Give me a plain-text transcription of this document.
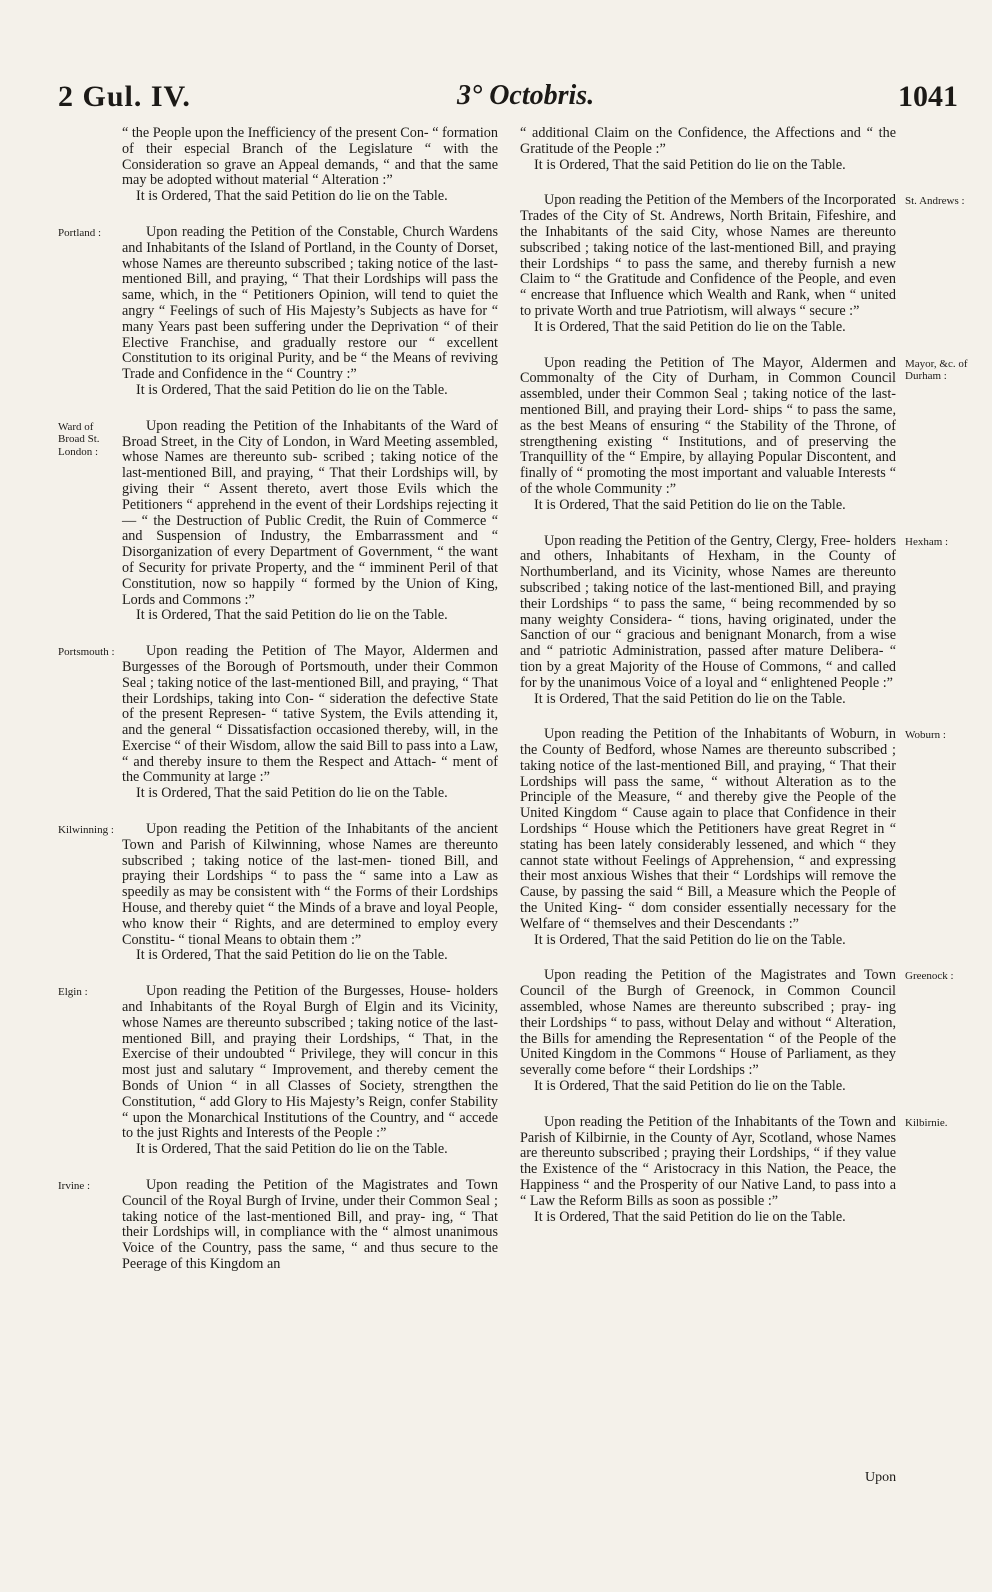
2 Gul. IV.	3° Octobris.	1041

“ the People upon the Inefficiency of the present Con- “ formation of their especial Branch of the Legislature “ with the Consideration so grave an Appeal demands, “ and that the same may be adopted without material “ Alteration :”

It is Ordered, That the said Petition do lie on the Table.

Portland :	Upon reading the Petition of the Constable, Church Wardens and Inhabitants of the Island of Portland, in the County of Dorset, whose Names are thereunto subscribed ; taking notice of the last-mentioned Bill, and praying, “ That their Lordships will pass the same, which, in the “ Petitioners Opinion, will tend to quiet the angry “ Feelings of such of His Majesty’s Subjects as have for “ many Years past been suffering under the Deprivation “ of their Elective Franchise, and gradually restore our “ excellent Constitution to its original Purity, and be “ the Means of reviving Trade and Confidence in the “ Country :”

It is Ordered, That the said Petition do lie on the Table.

Ward of Broad St. London :

Upon reading the Petition of the Inhabitants of the Ward of Broad Street, in the City of London, in Ward Meeting assembled, whose Names are thereunto sub- scribed ; taking notice of the last-mentioned Bill, and praying, “ That their Lordships will, by giving their “ Assent thereto, avert those Evils which the Petitioners “ apprehend in the event of their Lordships rejecting it— “ the Destruction of Public Credit, the Ruin of Commerce “ and Suspension of Industry, the Embarrassment and “ Disorganization of every Department of Government, “ the want of Security for private Property, and the “ imminent Peril of that Constitution, now so happily “ formed by the Union of King, Lords and Commons :”

It is Ordered, That the said Petition do lie on the Table.

Portsmouth :	Upon reading the Petition of The Mayor, Aldermen and Burgesses of the Borough of Portsmouth, under their Common Seal ; taking notice of the last-mentioned Bill, and praying, “ That their Lordships, taking into Con- “ sideration the defective State of the present Represen- “ tative System, the Evils attending it, and the general “ Dissatisfaction occasioned thereby, will, in the Exercise “ of their Wisdom, allow the said Bill to pass into a Law, “ and thereby insure to them the Respect and Attach- “ ment of the Community at large :”

It is Ordered, That the said Petition do lie on the Table.

Kilwinning :	Upon reading the Petition of the Inhabitants of the ancient Town and Parish of Kilwinning, whose Names are thereunto subscribed ; taking notice of the last-men- tioned Bill, and praying their Lordships “ to pass the “ same into a Law as speedily as may be consistent with “ the Forms of their Lordships House, and thereby quiet “ the Minds of a brave and loyal People, who know their “ Rights, and are determined to employ every Constitu- “ tional Means to obtain them :”

It is Ordered, That the said Petition do lie on the Table.

Elgin :	Upon reading the Petition of the Burgesses, House- holders and Inhabitants of the Royal Burgh of Elgin and its Vicinity, whose Names are thereunto subscribed ; taking notice of the last-mentioned Bill, and praying their Lordships, “ That, in the Exercise of their undoubted “ Privilege, they will concur in this most just and salutary “ Improvement, and thereby cement the Bonds of Union “ in all Classes of Society, strengthen the Constitution, “ add Glory to His Majesty’s Reign, confer Stability “ upon the Monarchical Institutions of the Country, and “ accede to the just Rights and Interests of the People :”

It is Ordered, That the said Petition do lie on the Table.

Irvine :	Upon reading the Petition of the Magistrates and Town Council of the Royal Burgh of Irvine, under their Common Seal ; taking notice of the last-mentioned Bill, and pray- ing, “ That their Lordships will, in compliance with the “ almost unanimous Voice of the Country, pass the same, “ and thus secure to the Peerage of this Kingdom an

“ additional Claim on the Confidence, the Affections and “ the Gratitude of the People :”

It is Ordered, That the said Petition do lie on the Table.

St. Andrews :

Upon reading the Petition of the Members of the Incorporated Trades of the City of St. Andrews, North Britain, Fifeshire, and the Inhabitants of the said City, whose Names are thereunto subscribed ; taking notice of the last-mentioned Bill, and praying their Lordships “ to pass the same, and thereby furnish a new Claim to “ the Gratitude and Confidence of the People, and even “ encrease that Influence which Wealth and Rank, when “ united to private Worth and true Patriotism, will always “ secure :”

It is Ordered, That the said Petition do lie on the Table.

Mayor, &c. of Durham :

Upon reading the Petition of The Mayor, Aldermen and Commonalty of the City of Durham, in Common Council assembled, under their Common Seal ; taking notice of the last-mentioned Bill, and praying their Lord- ships “ to pass the same, as the best Means of ensuring “ the Stability of the Throne, of strengthening existing “ Institutions, and of preserving the Tranquillity of the “ Empire, by allaying Popular Discontent, and finally of “ promoting the most important and valuable Interests “ of the whole Community :”

It is Ordered, That the said Petition do lie on the Table.

Hexham :

Upon reading the Petition of the Gentry, Clergy, Free- holders and others, Inhabitants of Hexham, in the County of Northumberland, and its Vicinity, whose Names are thereunto subscribed ; taking notice of the last-mentioned Bill, and praying their Lordships “ to pass the same, “ being recommended by so many weighty Considera- “ tions, having originated, under the Sanction of our “ gracious and benignant Monarch, from a wise and “ patriotic Administration, passed after mature Delibera- “ tion by a great Majority of the House of Commons, “ and called for by the unanimous Voice of a loyal and “ enlightened People :”

It is Ordered, That the said Petition do lie on the Table.

Woburn :

Upon reading the Petition of the Inhabitants of Woburn, in the County of Bedford, whose Names are thereunto subscribed ; taking notice of the last-mentioned Bill, and praying, “ That their Lordships will pass the same, “ without Alteration as to the Principle of the Measure, “ and thereby give the People of the United Kingdom “ Cause again to place that Confidence in their Lordships “ House which the Petitioners have great Regret in “ stating has been lately considerably lessened, and which “ they cannot state without Feelings of Apprehension, “ and expressing their most anxious Wishes that their “ Lordships will remove the Cause, by passing the said “ Bill, a Measure which the People of the United King- “ dom consider essentially necessary for the Welfare of “ themselves and their Descendants :”

It is Ordered, That the said Petition do lie on the Table.

Greenock :

Upon reading the Petition of the Magistrates and Town Council of the Burgh of Greenock, in Common Council assembled, whose Names are thereunto subscribed ; pray- ing their Lordships “ to pass, without Delay and without “ Alteration, the Bills for amending the Representation “ of the People of the United Kingdom in the Commons “ House of Parliament, as they severally come before “ their Lordships :”

It is Ordered, That the said Petition do lie on the Table.

Kilbirnie.

Upon reading the Petition of the Inhabitants of the Town and Parish of Kilbirnie, in the County of Ayr, Scotland, whose Names are thereunto subscribed ; praying their Lordships, “ if they value the Existence of the “ Aristocracy in this Nation, the Peace, the Happiness “ and the Prosperity of our Native Land, to pass into a “ Law the Reform Bills as soon as possible :”

It is Ordered, That the said Petition do lie on the Table.

Upon
